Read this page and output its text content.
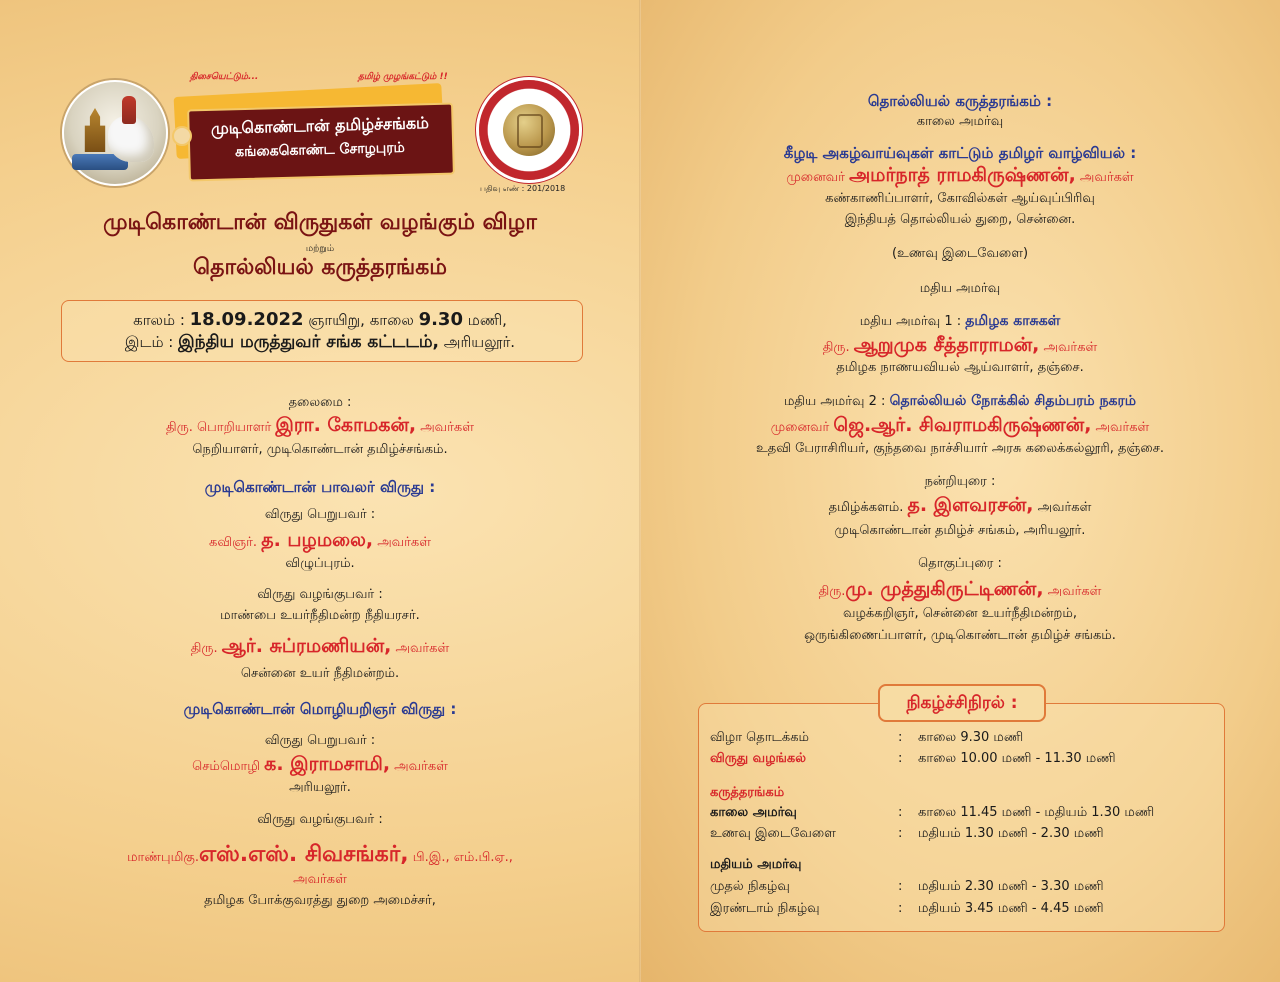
திசையெட்டும்...	தமிழ் முழங்கட்டும் !!
முடிகொண்டான் தமிழ்ச்சங்கம்
கங்கைகொண்ட சோழபுரம்
பதிவு எண் : 201/2018
முடிகொண்டான் விருதுகள் வழங்கும் விழா
மற்றும்
தொல்லியல் கருத்தரங்கம்
காலம் : 18.09.2022 ஞாயிறு, காலை 9.30 மணி,
இடம் : இந்திய மருத்துவர் சங்க கட்டடம், அரியலூர்.
தலைமை :
திரு. பொறியாளர் இரா. கோமகன், அவர்கள்
நெறியாளர், முடிகொண்டான் தமிழ்ச்சங்கம்.
முடிகொண்டான் பாவலர் விருது :
விருது பெறுபவர் :
கவிஞர். த. பழமலை, அவர்கள்
விழுப்புரம்.
விருது வழங்குபவர் :
மாண்பை உயர்நீதிமன்ற நீதியரசர்.
திரு. ஆர். சுப்ரமணியன், அவர்கள்
சென்னை உயர் நீதிமன்றம்.
முடிகொண்டான் மொழியறிஞர் விருது :
விருது பெறுபவர் :
செம்மொழி க. இராமசாமி, அவர்கள்
அரியலூர்.
விருது வழங்குபவர் :
மாண்புமிகு.எஸ்.எஸ். சிவசங்கர், பி.இ., எம்.பி.ஏ.,
அவர்கள்
தமிழக போக்குவரத்து துறை அமைச்சர்,
தொல்லியல் கருத்தரங்கம் :
காலை அமர்வு
கீழடி அகழ்வாய்வுகள் காட்டும் தமிழர் வாழ்வியல் :
முனைவர் அமர்நாத் ராமகிருஷ்ணன், அவர்கள்
கண்காணிப்பாளர், கோவில்கள் ஆய்வுப்பிரிவு
இந்தியத் தொல்லியல் துறை, சென்னை.
(உணவு இடைவேளை)
மதிய அமர்வு
மதிய அமர்வு 1 : தமிழக காசுகள்
திரு. ஆறுமுக சீத்தாராமன், அவர்கள்
தமிழக நாணயவியல் ஆய்வாளர், தஞ்சை.
மதிய அமர்வு 2 : தொல்லியல் நோக்கில் சிதம்பரம் நகரம்
முனைவர் ஜெ.ஆர். சிவராமகிருஷ்ணன், அவர்கள்
உதவி பேராசிரியர், குந்தவை நாச்சியார் அரசு கலைக்கல்லூரி, தஞ்சை.
நன்றியுரை :
தமிழ்க்களம். த. இளவரசன், அவர்கள்
முடிகொண்டான் தமிழ்ச் சங்கம், அரியலூர்.
தொகுப்புரை :
திரு.மு. முத்துகிருட்டிணன், அவர்கள்
வழக்கறிஞர், சென்னை உயர்நீதிமன்றம்,
ஒருங்கிணைப்பாளர், முடிகொண்டான் தமிழ்ச் சங்கம்.
நிகழ்ச்சிநிரல் :
விழா தொடக்கம்	: காலை 9.30 மணி
விருது வழங்கல்	: காலை 10.00 மணி - 11.30 மணி
கருத்தரங்கம்
காலை அமர்வு	: காலை 11.45 மணி - மதியம் 1.30 மணி
உணவு இடைவேளை	: மதியம் 1.30 மணி - 2.30 மணி
மதியம் அமர்வு
முதல் நிகழ்வு	: மதியம் 2.30 மணி - 3.30 மணி
இரண்டாம் நிகழ்வு	: மதியம் 3.45 மணி - 4.45 மணி
